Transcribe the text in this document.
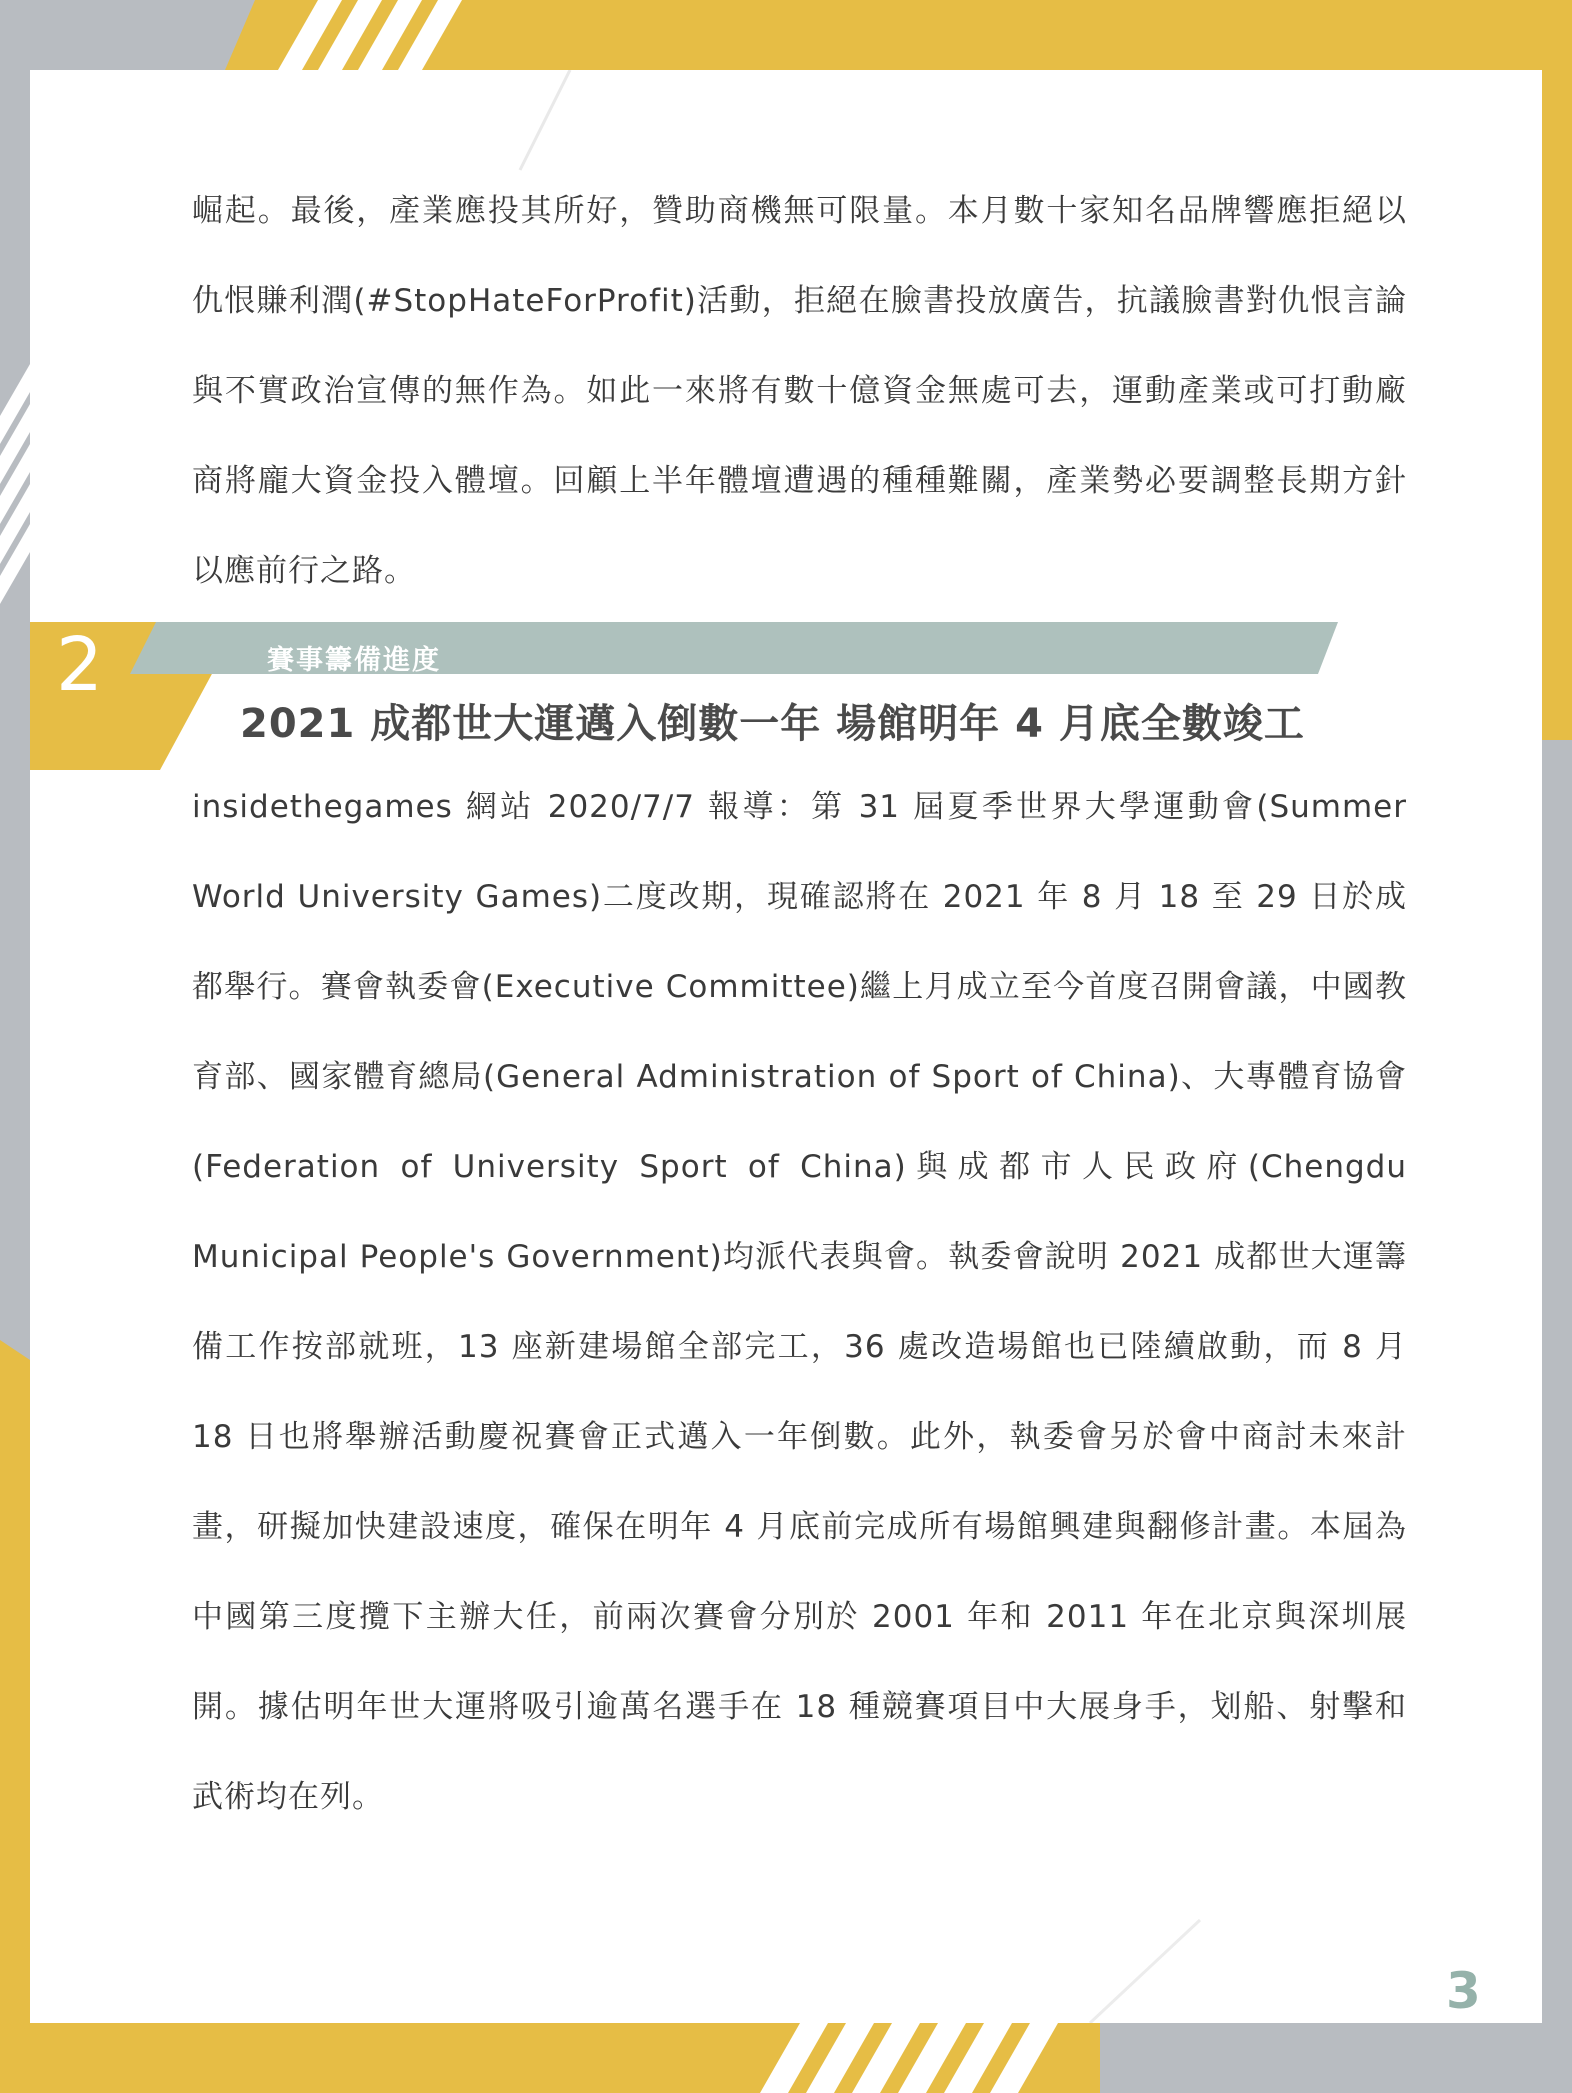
崛起。最後，產業應投其所好，贊助商機無可限量。本月數十家知名品牌響應拒絕以仇恨賺利潤(#StopHateForProfit)活動，拒絕在臉書投放廣告，抗議臉書對仇恨言論與不實政治宣傳的無作為。如此一來將有數十億資金無處可去，運動產業或可打動廠商將龐大資金投入體壇。回顧上半年體壇遭遇的種種難關，產業勢必要調整長期方針以應前行之路。

2	賽事籌備進度
2021 成都世大運邁入倒數一年 場館明年 4 月底全數竣工

insidethegames 網站 2020/7/7 報導：第 31 屆夏季世界大學運動會(Summer World University Games)二度改期，現確認將在 2021 年 8 月 18 至 29 日於成都舉行。賽會執委會(Executive Committee)繼上月成立至今首度召開會議，中國教育部、國家體育總局(General Administration of Sport of China)、大專體育協會(Federation of University Sport of China)與成都市人民政府(Chengdu Municipal People's Government)均派代表與會。執委會說明 2021 成都世大運籌備工作按部就班，13 座新建場館全部完工，36 處改造場館也已陸續啟動，而 8 月 18 日也將舉辦活動慶祝賽會正式邁入一年倒數。此外，執委會另於會中商討未來計畫，研擬加快建設速度，確保在明年 4 月底前完成所有場館興建與翻修計畫。本屆為中國第三度攬下主辦大任，前兩次賽會分別於 2001 年和 2011 年在北京與深圳展開。據估明年世大運將吸引逾萬名選手在 18 種競賽項目中大展身手，划船、射擊和武術均在列。

3
